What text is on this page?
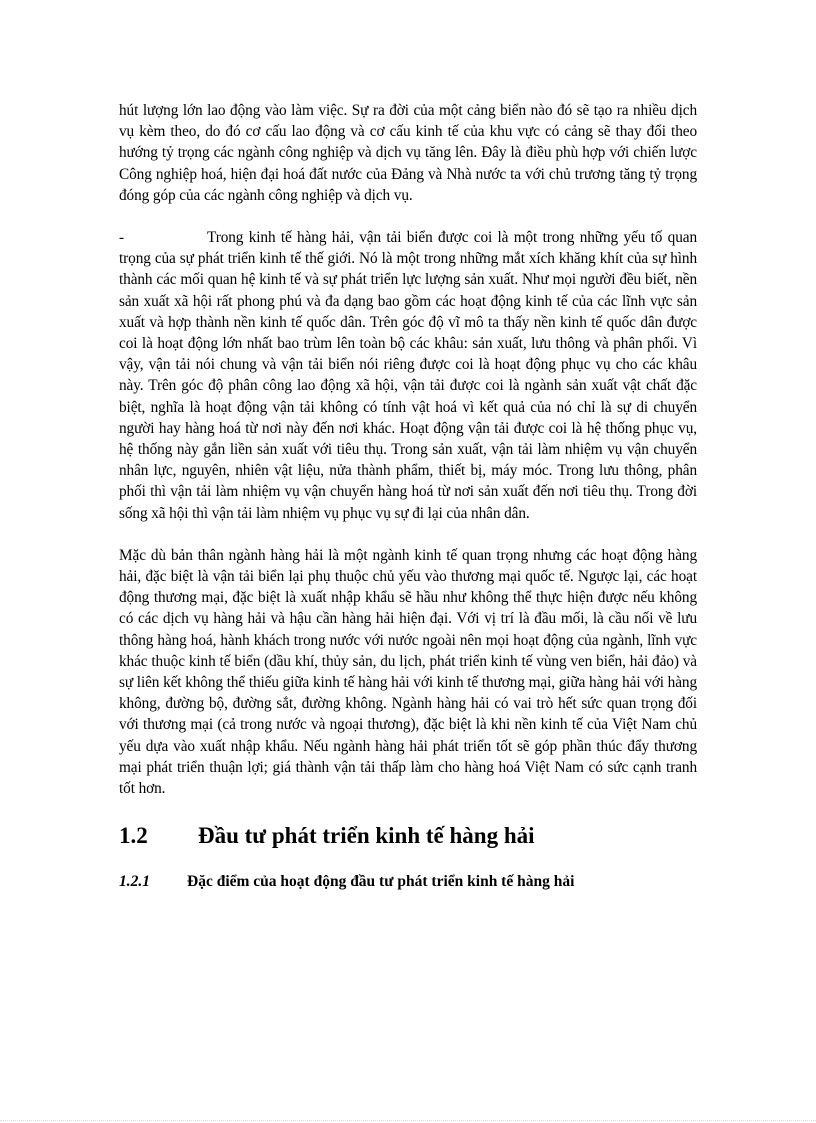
hút lượng lớn lao động vào làm việc. Sự ra đời của một cảng biển nào đó sẽ tạo ra nhiều dịch vụ kèm theo, do đó cơ cấu lao động và cơ cấu kinh tế của khu vực có cảng sẽ thay đổi theo hướng tỷ trọng các ngành công nghiệp và dịch vụ tăng lên. Đây là điều phù hợp với chiến lược Công nghiệp hoá, hiện đại hoá đất nước của Đảng và Nhà nước ta với chủ trương tăng tỷ trọng đóng góp của các ngành công nghiệp và dịch vụ.

-	Trong kinh tế hàng hải, vận tải biển được coi là một trong những yếu tố quan trọng của sự phát triển kinh tế thế giới. Nó là một trong những mắt xích khăng khít của sự hình thành các mối quan hệ kinh tế và sự phát triển lực lượng sản xuất. Như mọi người đều biết, nền sản xuất xã hội rất phong phú và đa dạng bao gồm các hoạt động kinh tế của các lĩnh vực sản xuất và hợp thành nền kinh tế quốc dân. Trên góc độ vĩ mô ta thấy nền kinh tế quốc dân được coi là hoạt động lớn nhất bao trùm lên toàn bộ các khâu: sản xuất, lưu thông và phân phối. Vì vậy, vận tải nói chung và vận tải biển nói riêng được coi là hoạt động phục vụ cho các khâu này. Trên góc độ phân công lao động xã hội, vận tải được coi là ngành sản xuất vật chất đặc biệt, nghĩa là hoạt động vận tải không có tính vật hoá vì kết quả của nó chỉ là sự di chuyển người hay hàng hoá từ nơi này đến nơi khác. Hoạt động vận tải được coi là hệ thống phục vụ, hệ thống này gắn liền sản xuất với tiêu thụ. Trong sản xuất, vận tải làm nhiệm vụ vận chuyển nhân lực, nguyên, nhiên vật liệu, nửa thành phẩm, thiết bị, máy móc. Trong lưu thông, phân phối thì vận tải làm nhiệm vụ vận chuyển hàng hoá từ nơi sản xuất đến nơi tiêu thụ. Trong đời sống xã hội thì vận tải làm nhiệm vụ phục vụ sự đi lại của nhân dân.

Mặc dù bản thân ngành hàng hải là một ngành kinh tế quan trọng nhưng các hoạt động hàng hải, đặc biệt là vận tải biển lại phụ thuộc chủ yếu vào thương mại quốc tế. Ngược lại, các hoạt động thương mại, đặc biệt là xuất nhập khẩu sẽ hầu như không thể thực hiện được nếu không có các dịch vụ hàng hải và hậu cần hàng hải hiện đại. Với vị trí là đầu mối, là cầu nối về lưu thông hàng hoá, hành khách trong nước với nước ngoài nên mọi hoạt động của ngành, lĩnh vực khác thuộc kinh tế biển (dầu khí, thủy sản, du lịch, phát triển kinh tế vùng ven biển, hải đảo) và sự liên kết không thể thiếu giữa kinh tế hàng hải với kinh tế thương mại, giữa hàng hải với hàng không, đường bộ, đường sắt, đường không. Ngành hàng hải có vai trò hết sức quan trọng đối với thương mại (cả trong nước và ngoại thương), đặc biệt là khi nền kinh tế của Việt Nam chủ yếu dựa vào xuất nhập khẩu. Nếu ngành hàng hải phát triển tốt sẽ góp phần thúc đẩy thương mại phát triển thuận lợi; giá thành vận tải thấp làm cho hàng hoá Việt Nam có sức cạnh tranh tốt hơn.

1.2	Đầu tư phát triển kinh tế hàng hải
1.2.1	Đặc điểm của hoạt động đầu tư phát triển kinh tế hàng hải
